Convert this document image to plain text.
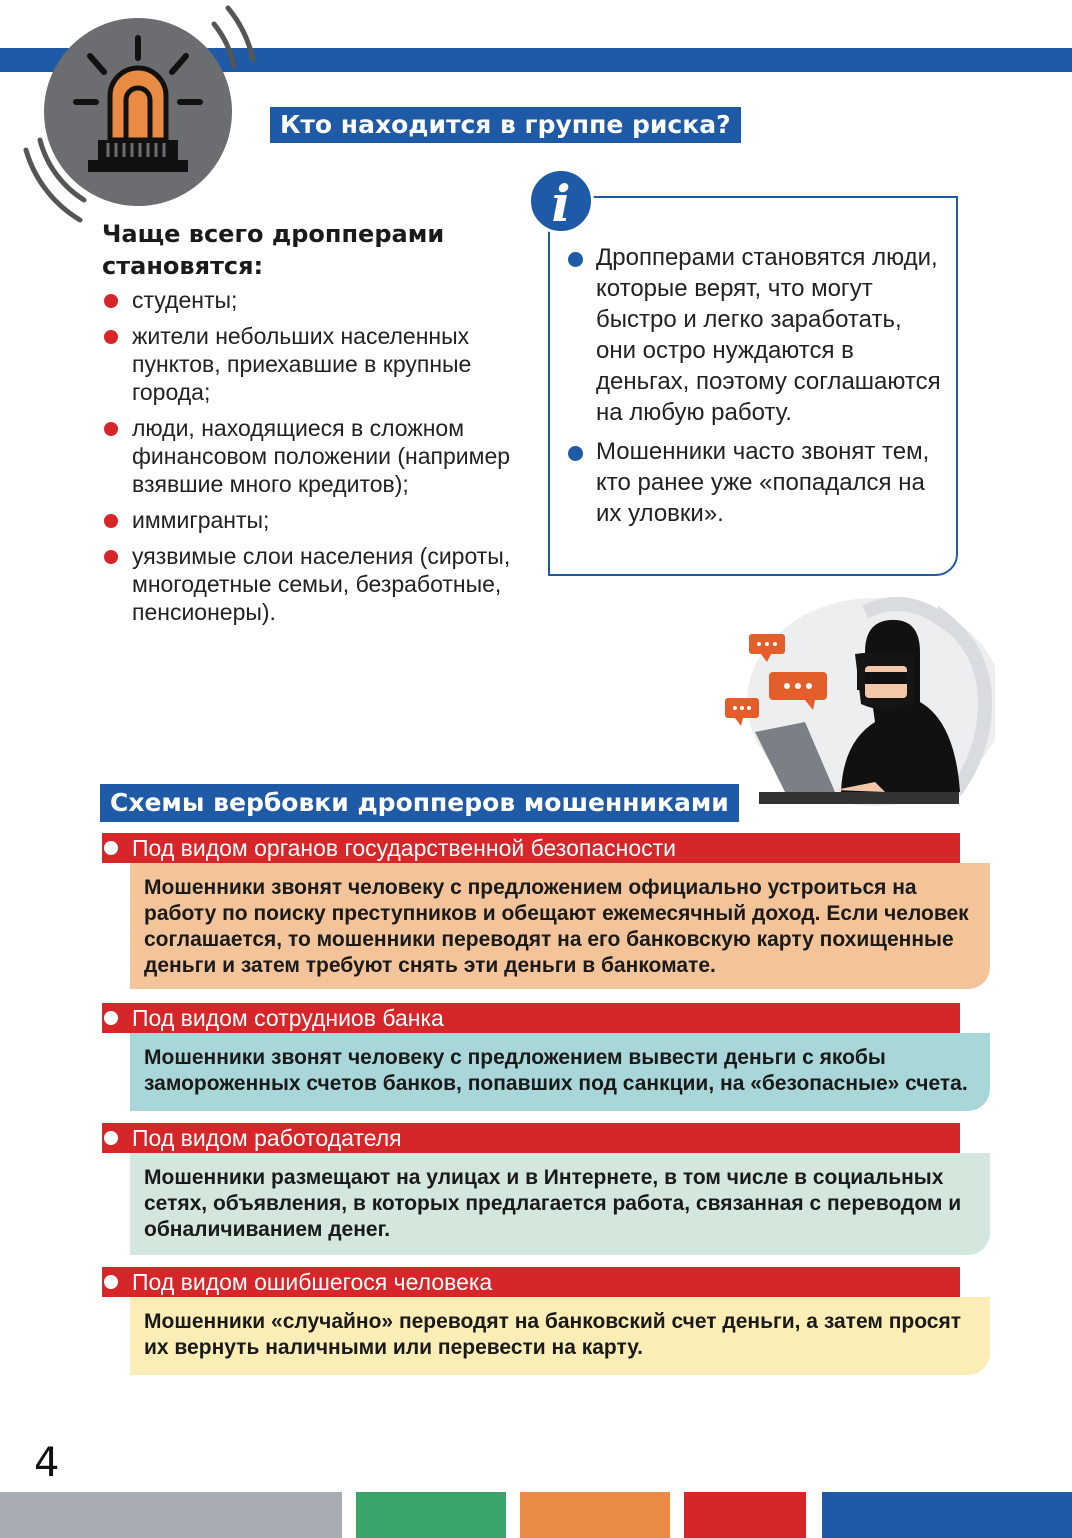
Кто находится в группе риска?
Чаще всего дропперами
становятся:
студенты;
жители небольших населенных пунктов, приехавшие в крупные города;
люди, находящиеся в сложном финансовом положении (например взявшие много кредитов);
иммигранты;
уязвимые слои населения (сироты, многодетные семьи, безработные, пенсионеры).
Дропперами становятся люди, которые верят, что могут быстро и легко заработать, они остро нуждаются в деньгах, поэтому соглашаются на любую работу.
Мошенники часто звонят тем, кто ранее уже «попадался на их уловки».
i
Схемы вербовки дропперов мошенниками
Под видом органов государственной безопасности
Мошенники звонят человеку с предложением официально устроиться на работу по поиску преступников и обещают ежемесячный доход. Если человек соглашается, то мошенники переводят на его банковскую карту похищенные деньги и затем требуют снять эти деньги в банкомате.
Под видом сотрудниов банка
Мошенники звонят человеку с предложением вывести деньги с якобы замороженных счетов банков, попавших под санкции, на «безопасные» счета.
Под видом работодателя
Мошенники размещают на улицах и в Интернете, в том числе в социальных сетях, объявления, в которых предлагается работа, связанная с переводом и обналичиванием денег.
Под видом ошибшегося человека
Мошенники «случайно» переводят на банковский счет деньги, а затем просят их вернуть наличными или перевести на карту.
4
